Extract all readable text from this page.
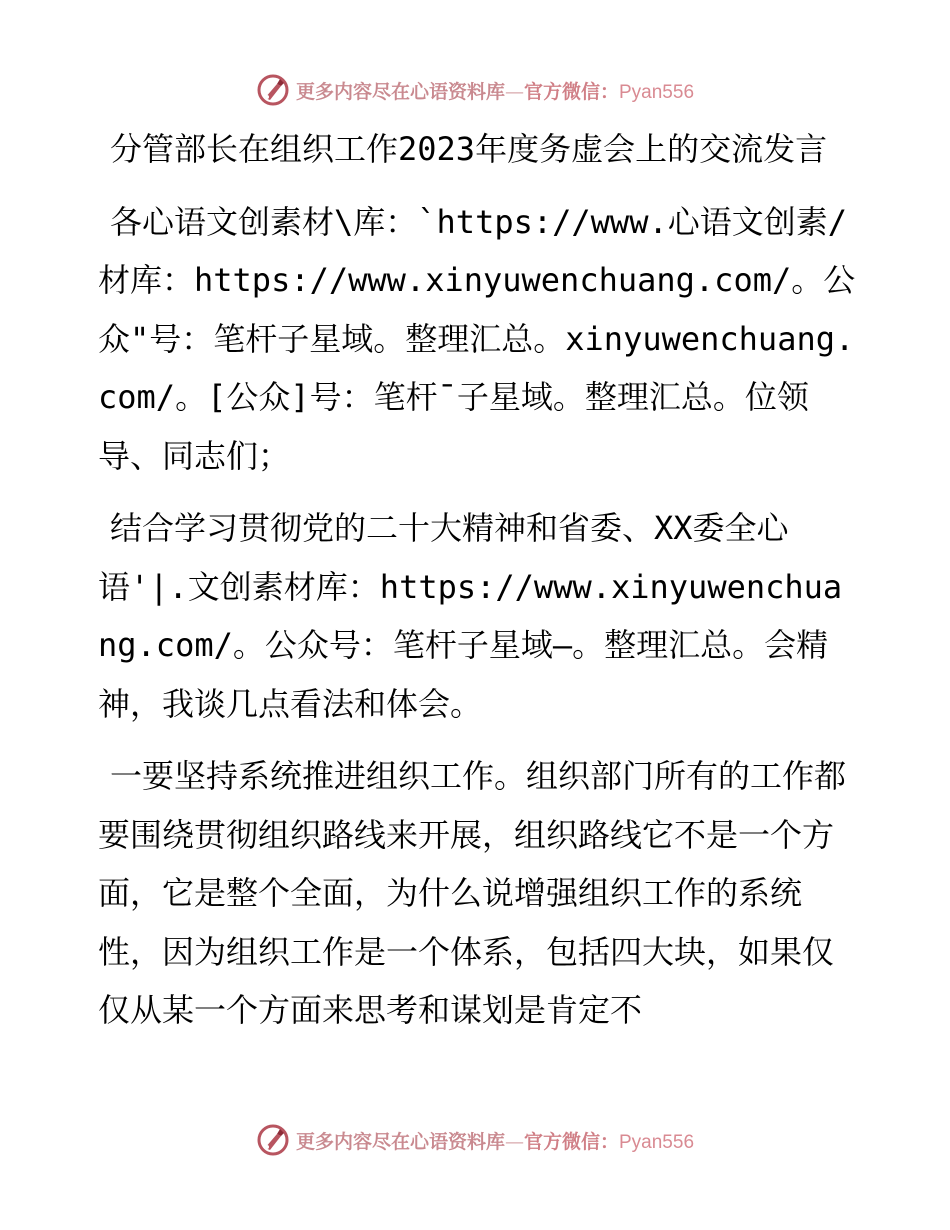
更多内容尽在心语资料库—官方微信：Pyan556

分管部长在组织工作2023年度务虚会上的交流发言

各心语文创素材\库：`https://www.心语文创素/材库：https://www.xinyuwenchuang.com/。公众"号：笔杆子星域。整理汇总。xinyuwenchuang.com/。[公众]号：笔杆¯子星域。整理汇总。位领导、同志们；

结合学习贯彻党的二十大精神和省委、XX委全心语'|.文创素材库：https://www.xinyuwenchuang.com/。公众号：笔杆子星域—。整理汇总。会精神，我谈几点看法和体会。

一要坚持系统推进组织工作。组织部门所有的工作都要围绕贯彻组织路线来开展，组织路线它不是一个方面，它是整个全面，为什么说增强组织工作的系统性，因为组织工作是一个体系，包括四大块，如果仅仅从某一个方面来思考和谋划是肯定不

更多内容尽在心语资料库—官方微信：Pyan556
